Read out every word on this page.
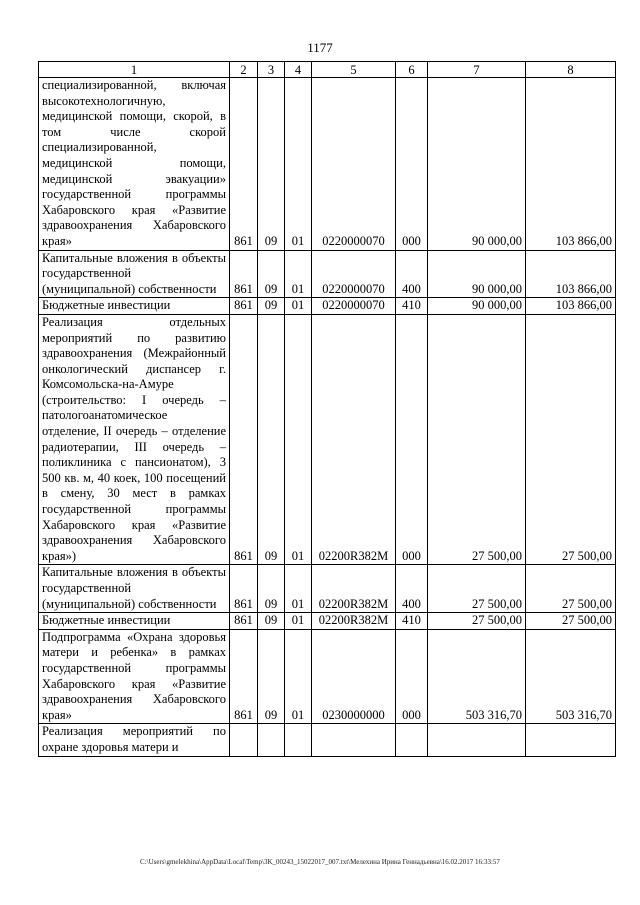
1177
1	2	3	4	5	6	7	8
специализированной, включая высокотехнологичную, медицинской помощи, скорой, в том числе скорой специализированной, медицинской помощи, медицинской эвакуации» государственной программы Хабаровского края «Развитие здравоохранения Хабаровского края»	861	09	01	0220000070	000	90 000,00	103 866,00
Капитальные вложения в объекты государственной (муниципальной) собственности	861	09	01	0220000070	400	90 000,00	103 866,00
Бюджетные инвестиции	861	09	01	0220000070	410	90 000,00	103 866,00
Реализация отдельных мероприятий по развитию здравоохранения (Межрайонный онкологический диспансер г. Комсомольска-на-Амуре (строительство: I очередь – патологоанатомическое отделение, II очередь – отделение радиотерапии, III очередь – поликлиника с пансионатом), 3 500 кв. м, 40 коек, 100 посещений в смену, 30 мест в рамках государственной программы Хабаровского края «Развитие здравоохранения Хабаровского края»)	861	09	01	02200R382M	000	27 500,00	27 500,00
Капитальные вложения в объекты государственной (муниципальной) собственности	861	09	01	02200R382M	400	27 500,00	27 500,00
Бюджетные инвестиции	861	09	01	02200R382M	410	27 500,00	27 500,00
Подпрограмма «Охрана здоровья матери и ребенка» в рамках государственной программы Хабаровского края «Развитие здравоохранения Хабаровского края»	861	09	01	0230000000	000	503 316,70	503 316,70
Реализация мероприятий по охране здоровья матери и							
C:\Users\gmelekhina\AppData\Local\Temp\3K_00243_15022017_007.txt\Мелехина Ирина Геннадьевна\16.02.2017 16:33:57
